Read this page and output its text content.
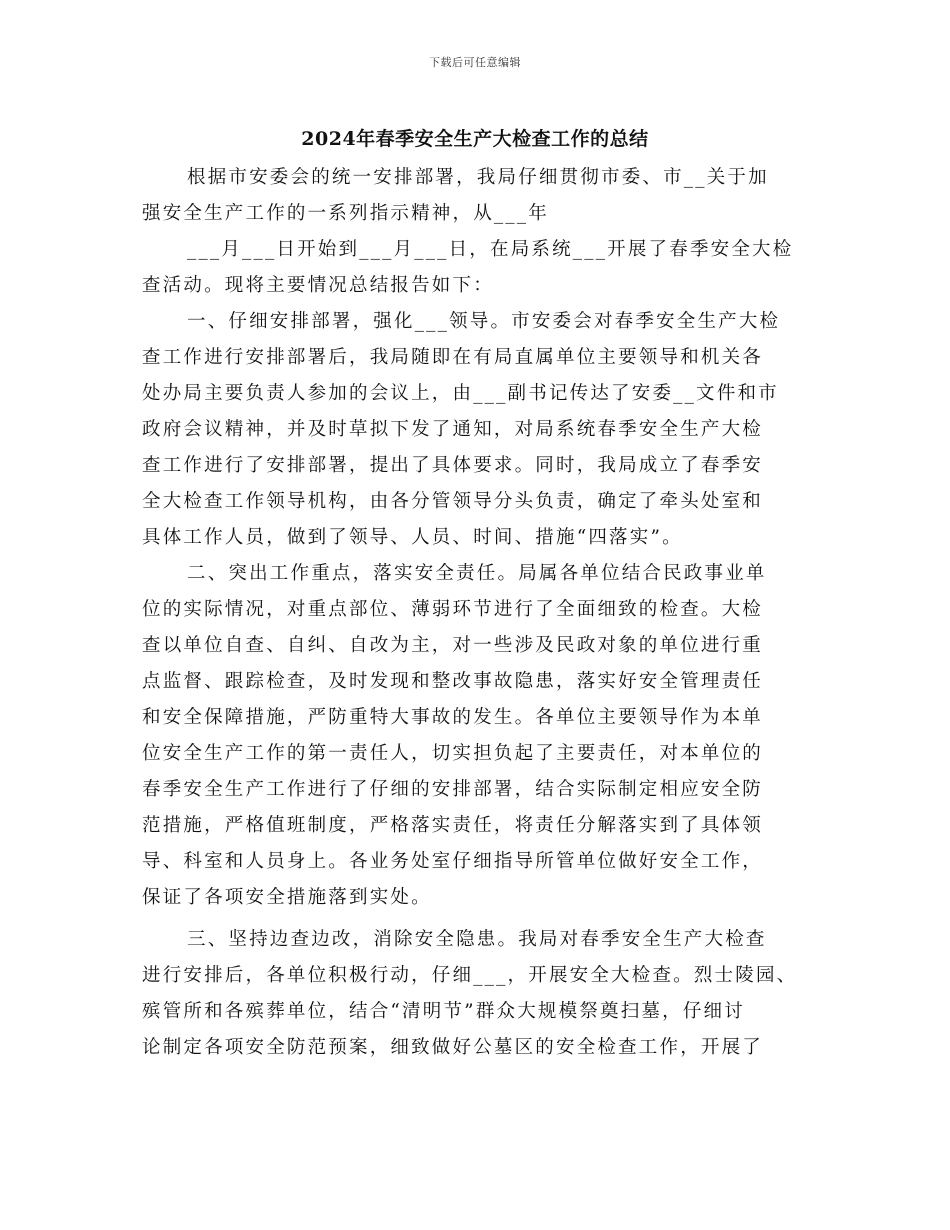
下载后可任意编辑
2024年春季安全生产大检查工作的总结
根据市安委会的统一安排部署，我局仔细贯彻市委、市__关于加
强安全生产工作的一系列指示精神，从___年
___月___日开始到___月___日，在局系统___开展了春季安全大检
查活动。现将主要情况总结报告如下：
一、仔细安排部署，强化___领导。市安委会对春季安全生产大检
查工作进行安排部署后，我局随即在有局直属单位主要领导和机关各
处办局主要负责人参加的会议上，由___副书记传达了安委__文件和市
政府会议精神，并及时草拟下发了通知，对局系统春季安全生产大检
查工作进行了安排部署，提出了具体要求。同时，我局成立了春季安
全大检查工作领导机构，由各分管领导分头负责，确定了牵头处室和
具体工作人员，做到了领导、人员、时间、措施“四落实”。
二、突出工作重点，落实安全责任。局属各单位结合民政事业单
位的实际情况，对重点部位、薄弱环节进行了全面细致的检查。大检
查以单位自查、自纠、自改为主，对一些涉及民政对象的单位进行重
点监督、跟踪检查，及时发现和整改事故隐患，落实好安全管理责任
和安全保障措施，严防重特大事故的发生。各单位主要领导作为本单
位安全生产工作的第一责任人，切实担负起了主要责任，对本单位的
春季安全生产工作进行了仔细的安排部署，结合实际制定相应安全防
范措施，严格值班制度，严格落实责任，将责任分解落实到了具体领
导、科室和人员身上。各业务处室仔细指导所管单位做好安全工作，
保证了各项安全措施落到实处。
三、坚持边查边改，消除安全隐患。我局对春季安全生产大检查
进行安排后，各单位积极行动，仔细___，开展安全大检查。烈士陵园、
殡管所和各殡葬单位，结合“清明节”群众大规模祭奠扫墓，仔细讨
论制定各项安全防范预案，细致做好公墓区的安全检查工作，开展了
